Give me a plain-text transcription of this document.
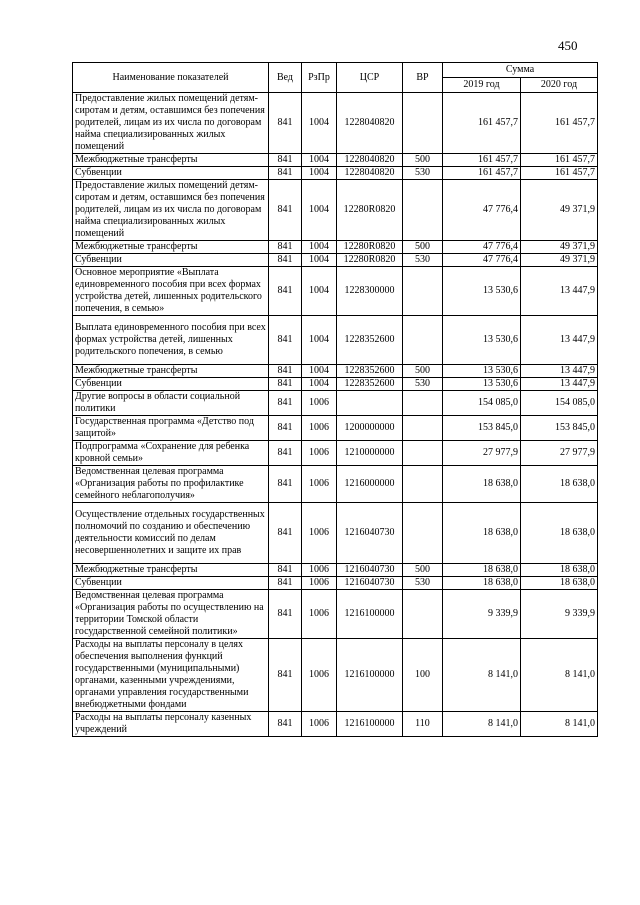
450
Наименование показателей	Вед	РзПр	ЦСР	ВР	Сумма	
					2019 год	2020 год
Предоставление жилых помещений детям-сиротам и детям, оставшимся без попечения родителей, лицам из их числа по договорам найма специализированных жилых помещений	841	1004	1228040820		161 457,7	161 457,7
Межбюджетные трансферты	841	1004	1228040820	500	161 457,7	161 457,7
Субвенции	841	1004	1228040820	530	161 457,7	161 457,7
Предоставление жилых помещений детям-сиротам и детям, оставшимся без попечения родителей, лицам из их числа по договорам найма специализированных жилых помещений	841	1004	12280R0820		47 776,4	49 371,9
Межбюджетные трансферты	841	1004	12280R0820	500	47 776,4	49 371,9
Субвенции	841	1004	12280R0820	530	47 776,4	49 371,9
Основное мероприятие «Выплата единовременного пособия при всех формах устройства детей, лишенных родительского попечения, в семью»	841	1004	1228300000		13 530,6	13 447,9
Выплата единовременного пособия при всех формах устройства детей, лишенных родительского попечения, в семью	841	1004	1228352600		13 530,6	13 447,9
Межбюджетные трансферты	841	1004	1228352600	500	13 530,6	13 447,9
Субвенции	841	1004	1228352600	530	13 530,6	13 447,9
Другие вопросы в области социальной политики	841	1006			154 085,0	154 085,0
Государственная программа «Детство под защитой»	841	1006	1200000000		153 845,0	153 845,0
Подпрограмма «Сохранение для ребенка кровной семьи»	841	1006	1210000000		27 977,9	27 977,9
Ведомственная целевая программа «Организация работы по профилактике семейного неблагополучия»	841	1006	1216000000		18 638,0	18 638,0
Осуществление отдельных государственных полномочий по созданию и обеспечению деятельности комиссий по делам несовершеннолетних и защите их прав	841	1006	1216040730		18 638,0	18 638,0
Межбюджетные трансферты	841	1006	1216040730	500	18 638,0	18 638,0
Субвенции	841	1006	1216040730	530	18 638,0	18 638,0
Ведомственная целевая программа «Организация работы по осуществлению на территории Томской области государственной семейной политики»	841	1006	1216100000		9 339,9	9 339,9
Расходы на выплаты персоналу в целях обеспечения выполнения функций государственными (муниципальными) органами, казенными учреждениями, органами управления государственными внебюджетными фондами	841	1006	1216100000	100	8 141,0	8 141,0
Расходы на выплаты персоналу казенных учреждений	841	1006	1216100000	110	8 141,0	8 141,0
